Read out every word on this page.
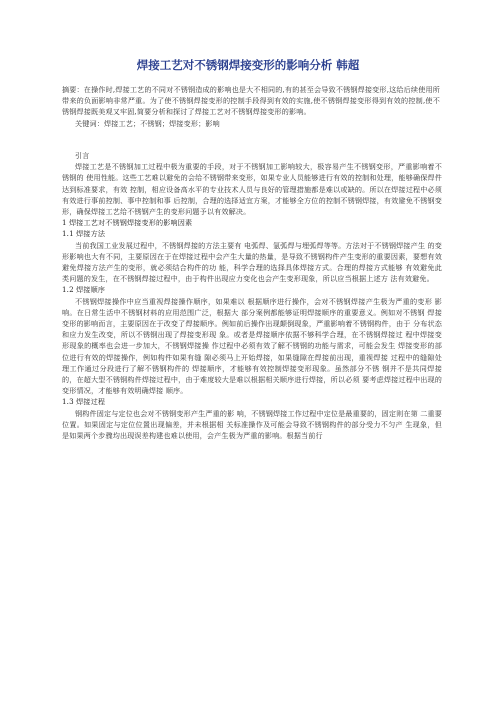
焊接工艺对不锈钢焊接变形的影响分析 韩超

摘要：在操作时,焊接工艺的不同对不锈钢造成的影响也是大不相同的,有的甚至会导致不锈钢焊接变形,这给后续使用所带来的负面影响非常严重。为了使不锈钢焊接变形的控制手段得到有效的实施,使不锈钢焊接变形得到有效的控制,使不锈钢焊接既美观又牢固,简要分析和探讨了焊接工艺对不锈钢焊接变形的影响。

关键词：焊接工艺；不锈钢；焊接变形；影响

引言

焊接工艺是不锈钢加工过程中极为重要的手段，对于不锈钢加工影响较大，极容易产生不锈钢变形，严重影响着不锈钢的 使用性能。这些工艺难以避免的会给不锈钢带来变形，如果专业人员能够进行有效的控制和处理，能够确保焊件达到标准要求，有效 控制，相应设备高水平的专业技术人员与良好的管理措施都是难以或缺的。所以在焊接过程中必须有效进行事前控制、事中控制和事 后控制，合理的选择适宜方案，才能够全方位的控制不锈钢焊接，有效避免不锈钢变形，确保焊接工艺给不锈钢产生的变形问题予以有效解决。

1 焊接工艺对不锈钢焊接变形的影响因素

1.1 焊接方法

当前我国工业发展过程中，不锈钢焊接的方法主要有 电弧焊、氩弧焊与埋弧焊等等。方法对于不锈钢焊接产生 的变形影响也大有不同，主要原因在于在焊接过程中会产生大量的热量，是导致不锈钢构件产生变形的重要因素，要想有效避免焊接方法产生的变形，就必须结合构件的功 能，科学合理的选择具体焊接方式。合理的焊接方式能够 有效避免此类问题的发生，在不锈钢焊接过程中，由于构件出现应力变化也会产生变形现象，所以应当根据上述方 法有效避免。

1.2 焊接顺序

不锈钢焊接操作中应当重视焊接操作顺序，如果难以 根据顺序进行操作，会对不锈钢焊接产生极为严重的变形 影响。在日常生活中不锈钢材料的应用范围广泛，根据大 部分案例都能够证明焊接顺序的重要意义。例如对不锈钢 焊接变形的影响而言，主要原因在于改变了焊接顺序。例如前后操作出现颠倒现象，严重影响着不锈钢构件，由于 分布状态和应力发生改变，所以不锈钢出现了焊接变形现 象。或者是焊接顺序依据不够科学合理，在不锈钢焊接过 程中焊接变形现象的概率也会进一步加大，不锈钢焊接操 作过程中必须有效了解不锈钢的功能与需求，可能会发生 焊接变形的部位进行有效的焊接操作，例如构件如果有缝 隙必须马上开始焊接，如果缝隙在焊接前出现，重视焊接 过程中的缝隙处理工作通过分段进行了解不锈钢构件的 焊接顺序，才能够有效控制焊接变形现象。虽然部分不锈 钢并不是共同焊接的，在超大型不锈钢构件焊接过程中，由于难度较大是难以根据相关顺序进行焊接，所以必须 要考虑焊接过程中出现的变形情况，才能够有效明确焊接 顺序。

1.3 焊接过程

钢构件固定与定位也会对不锈钢变形产生严重的影 响，不锈钢焊接工作过程中定位是最重要的，固定则在第 二重要位置。如果固定与定位位置出现偏差，并未根据相 关标准操作及可能会导致不锈钢构件的部分受力不匀产 生现象，但是如果两个步骤均出现误差构建也难以使用，会产生极为严重的影响。根据当前行
